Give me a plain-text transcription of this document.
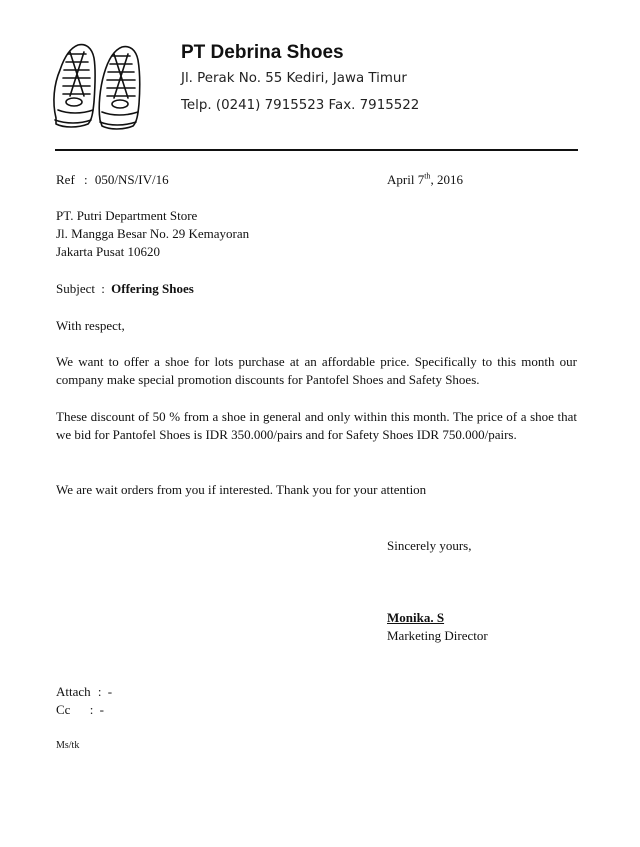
PT Debrina Shoes
Jl. Perak No. 55 Kediri, Jawa Timur
Telp. (0241) 7915523 Fax. 7915522
Ref : 050/NS/IV/16	April 7th, 2016
PT. Putri Department Store
Jl. Mangga Besar No. 29 Kemayoran
Jakarta Pusat 10620
Subject : Offering Shoes
With respect,
We want to offer a shoe for lots purchase at an affordable price. Specifically to this month our company make special promotion discounts for Pantofel Shoes and Safety Shoes.
These discount of 50 % from a shoe in general and only within this month. The price of a shoe that we bid for Pantofel Shoes is IDR 350.000/pairs and for Safety Shoes IDR 750.000/pairs.
We are wait orders from you if interested. Thank you for your attention
Sincerely yours,
Monika. S
Marketing Director
Attach : -
Cc : -
Ms/tk
